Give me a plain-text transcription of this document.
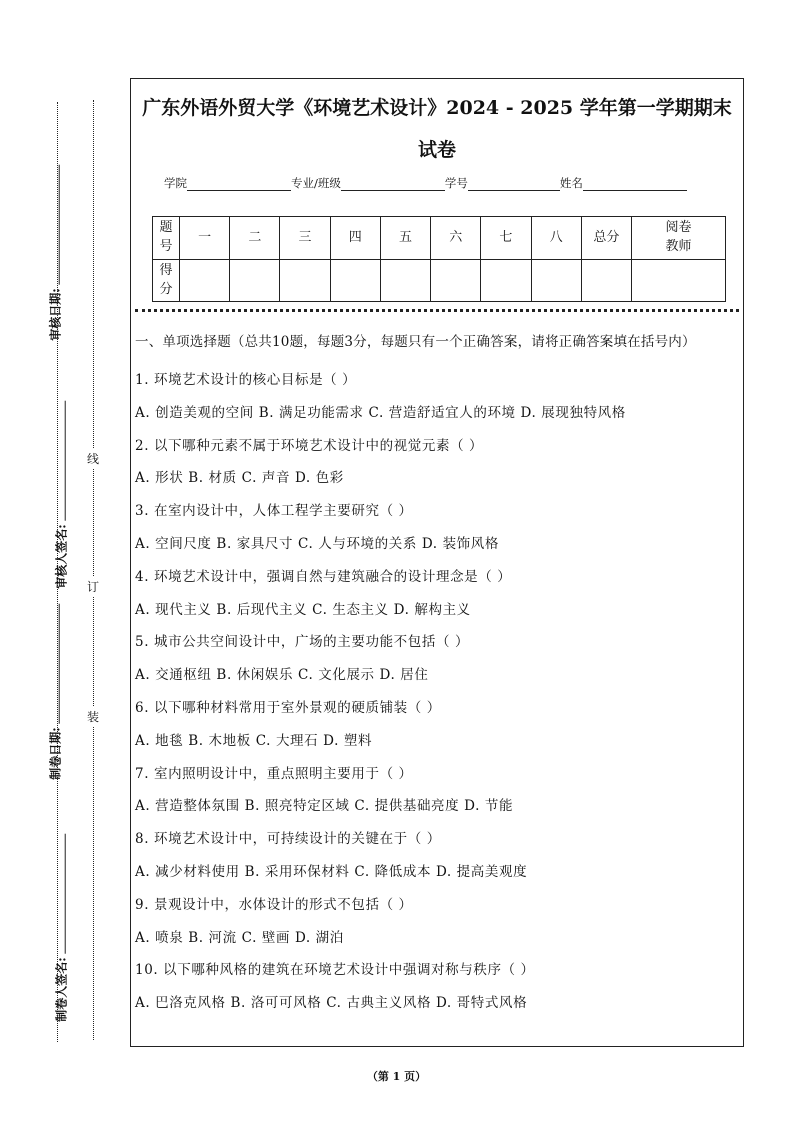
线
订
装
审核日期:
审核人签名:
制卷日期:
制卷人签名:
广东外语外贸大学《环境艺术设计》2024 - 2025 学年第一学期期末试卷
学院	专业/班级	学号	姓名
题号	一	二	三	四	五	六	七	八	总分	阅卷教师
得分										
一、单项选择题（总共10题，每题3分，每题只有一个正确答案，请将正确答案填在括号内）
1. 环境艺术设计的核心目标是（ ）
A. 创造美观的空间 B. 满足功能需求 C. 营造舒适宜人的环境 D. 展现独特风格
2. 以下哪种元素不属于环境艺术设计中的视觉元素（ ）
A. 形状 B. 材质 C. 声音 D. 色彩
3. 在室内设计中，人体工程学主要研究（ ）
A. 空间尺度 B. 家具尺寸 C. 人与环境的关系 D. 装饰风格
4. 环境艺术设计中，强调自然与建筑融合的设计理念是（ ）
A. 现代主义 B. 后现代主义 C. 生态主义 D. 解构主义
5. 城市公共空间设计中，广场的主要功能不包括（ ）
A. 交通枢纽 B. 休闲娱乐 C. 文化展示 D. 居住
6. 以下哪种材料常用于室外景观的硬质铺装（ ）
A. 地毯 B. 木地板 C. 大理石 D. 塑料
7. 室内照明设计中，重点照明主要用于（ ）
A. 营造整体氛围 B. 照亮特定区域 C. 提供基础亮度 D. 节能
8. 环境艺术设计中，可持续设计的关键在于（ ）
A. 减少材料使用 B. 采用环保材料 C. 降低成本 D. 提高美观度
9. 景观设计中，水体设计的形式不包括（ ）
A. 喷泉 B. 河流 C. 壁画 D. 湖泊
10. 以下哪种风格的建筑在环境艺术设计中强调对称与秩序（ ）
A. 巴洛克风格 B. 洛可可风格 C. 古典主义风格 D. 哥特式风格
（第 1 页）
